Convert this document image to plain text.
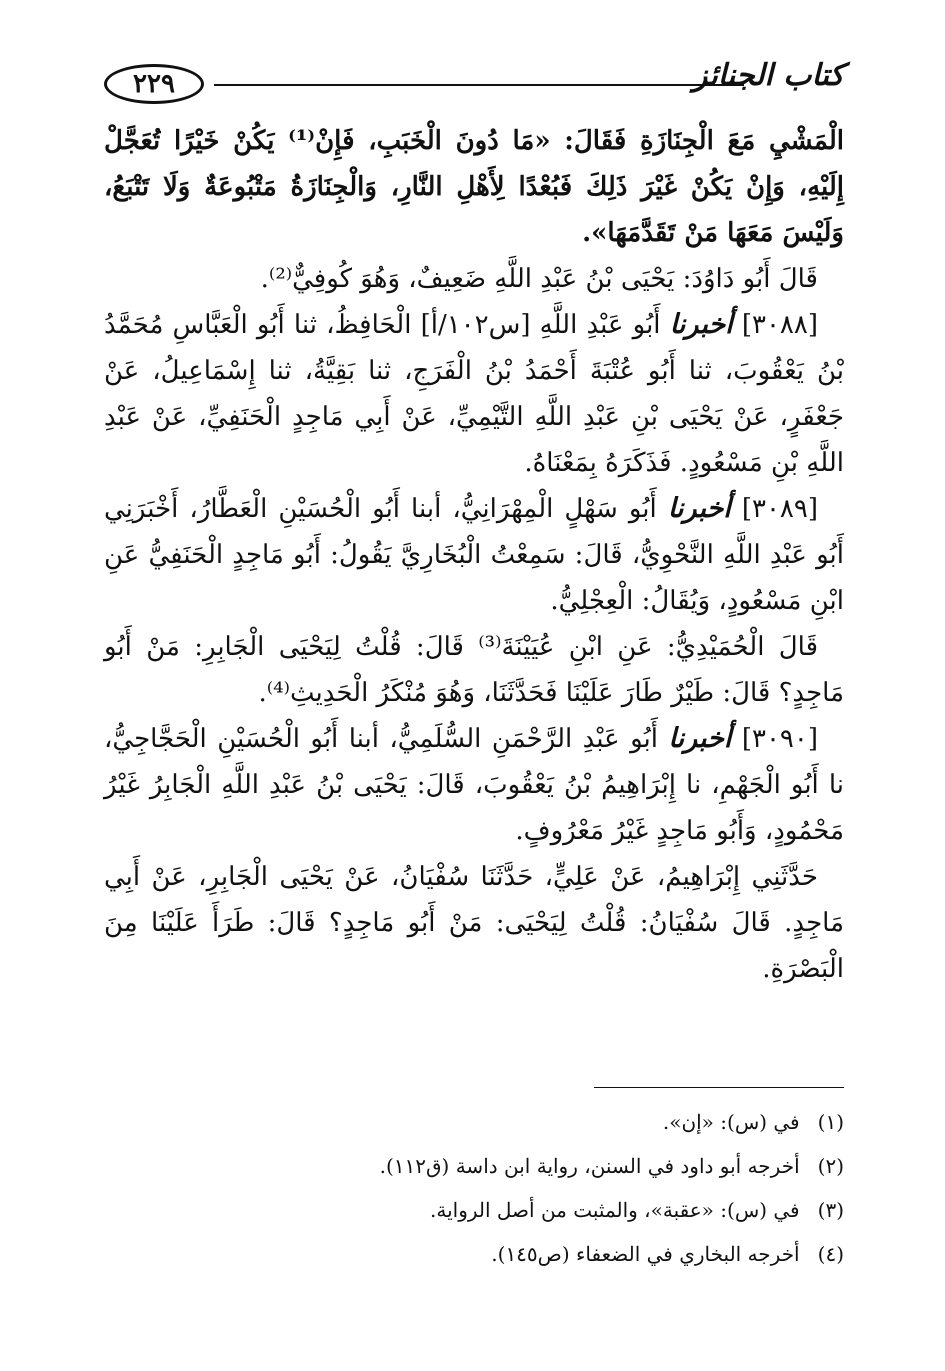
٢٢٩	كتاب الجنائز

الْمَشْيِ مَعَ الْجِنَازَةِ فَقَالَ: «مَا دُونَ الْخَبَبِ، فَإِنْ⁽¹⁾ يَكُنْ خَيْرًا تُعَجَّلْ إِلَيْهِ، وَإِنْ يَكُنْ غَيْرَ ذَلِكَ فَبُعْدًا لِأَهْلِ النَّارِ، وَالْجِنَازَةُ مَتْبُوعَةٌ وَلَا تَتْبَعُ، وَلَيْسَ مَعَهَا مَنْ تَقَدَّمَهَا».

قَالَ أَبُو دَاوُدَ: يَحْيَى بْنُ عَبْدِ اللَّهِ ضَعِيفٌ، وَهُوَ كُوفِيٌّ⁽²⁾.

[٣٠٨٨] أخبرنا أَبُو عَبْدِ اللَّهِ [س١٠٢/أ] الْحَافِظُ، ثنا أَبُو الْعَبَّاسِ مُحَمَّدُ بْنُ يَعْقُوبَ، ثنا أَبُو عُتْبَةَ أَحْمَدُ بْنُ الْفَرَجِ، ثنا بَقِيَّةُ، ثنا إِسْمَاعِيلُ، عَنْ جَعْفَرٍ، عَنْ يَحْيَى بْنِ عَبْدِ اللَّهِ التَّيْمِيِّ، عَنْ أَبِي مَاجِدٍ الْحَنَفِيِّ، عَنْ عَبْدِ اللَّهِ بْنِ مَسْعُودٍ. فَذَكَرَهُ بِمَعْنَاهُ.

[٣٠٨٩] أخبرنا أَبُو سَهْلٍ الْمِهْرَانِيُّ، أبنا أَبُو الْحُسَيْنِ الْعَطَّارُ، أَخْبَرَنِي أَبُو عَبْدِ اللَّهِ النَّحْوِيُّ، قَالَ: سَمِعْتُ الْبُخَارِيَّ يَقُولُ: أَبُو مَاجِدٍ الْحَنَفِيُّ عَنِ ابْنِ مَسْعُودٍ، وَيُقَالُ: الْعِجْلِيُّ.

قَالَ الْحُمَيْدِيُّ: عَنِ ابْنِ عُيَيْنَةَ⁽³⁾ قَالَ: قُلْتُ لِيَحْيَى الْجَابِرِ: مَنْ أَبُو مَاجِدٍ؟ قَالَ: طَيْرٌ طَارَ عَلَيْنَا فَحَدَّثَنَا، وَهُوَ مُنْكَرُ الْحَدِيثِ⁽⁴⁾.

[٣٠٩٠] أخبرنا أَبُو عَبْدِ الرَّحْمَنِ السُّلَمِيُّ، أبنا أَبُو الْحُسَيْنِ الْحَجَّاجِيُّ، نا أَبُو الْجَهْمِ، نا إِبْرَاهِيمُ بْنُ يَعْقُوبَ، قَالَ: يَحْيَى بْنُ عَبْدِ اللَّهِ الْجَابِرُ غَيْرُ مَحْمُودٍ، وَأَبُو مَاجِدٍ غَيْرُ مَعْرُوفٍ.

حَدَّثَنِي إِبْرَاهِيمُ، عَنْ عَلِيٍّ، حَدَّثَنَا سُفْيَانُ، عَنْ يَحْيَى الْجَابِرِ، عَنْ أَبِي مَاجِدٍ. قَالَ سُفْيَانُ: قُلْتُ لِيَحْيَى: مَنْ أَبُو مَاجِدٍ؟ قَالَ: طَرَأَ عَلَيْنَا مِنَ الْبَصْرَةِ.

(١)
في (س): «إن».
(٢)
أخرجه أبو داود في السنن، رواية ابن داسة (ق١١٢).
(٣)
في (س): «عقبة»، والمثبت من أصل الرواية.
(٤)
أخرجه البخاري في الضعفاء (ص١٤٥).
